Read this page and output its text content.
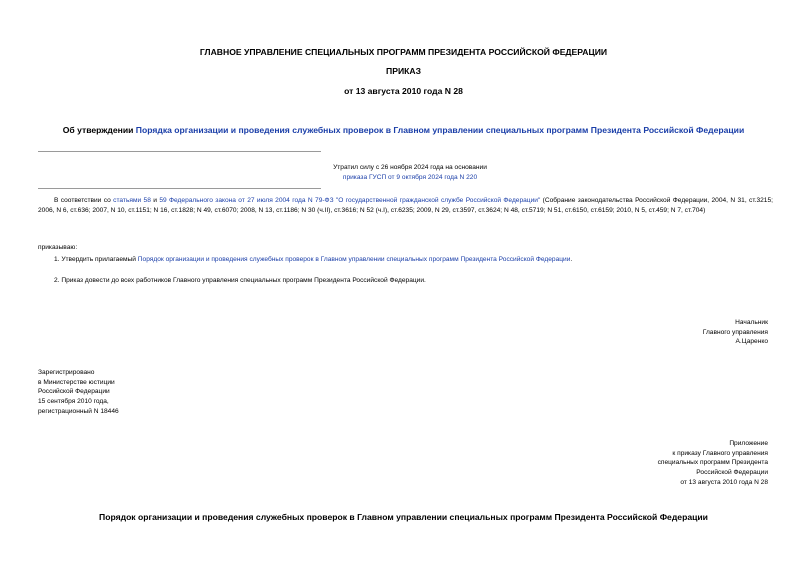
ГЛАВНОЕ УПРАВЛЕНИЕ СПЕЦИАЛЬНЫХ ПРОГРАММ ПРЕЗИДЕНТА РОССИЙСКОЙ ФЕДЕРАЦИИ
ПРИКАЗ
от 13 августа 2010 года N 28
Об утверждении Порядка организации и проведения служебных проверок в Главном управлении специальных программ Президента Российской Федерации
Утратил силу с 26 ноября 2024 года на основании
приказа ГУСП от 9 октября 2024 года N 220
В соответствии со статьями 58 и 59 Федерального закона от 27 июля 2004 года N 79-ФЗ "О государственной гражданской службе Российской Федерации" (Собрание законодательства Российской Федерации, 2004, N 31, ст.3215; 2006, N 6, ст.636; 2007, N 10, ст.1151; N 16, ст.1828; N 49, ст.6070; 2008, N 13, ст.1186; N 30 (ч.II), ст.3616; N 52 (ч.I), ст.6235; 2009, N 29, ст.3597, ст.3624; N 48, ст.5719; N 51, ст.6150, ст.6159; 2010, N 5, ст.459; N 7, ст.704)
приказываю:
1. Утвердить прилагаемый Порядок организации и проведения служебных проверок в Главном управлении специальных программ Президента Российской Федерации.
2. Приказ довести до всех работников Главного управления специальных программ Президента Российской Федерации.
Начальник
Главного управления
А.Царенко
Зарегистрировано
в Министерстве юстиции
Российской Федерации
15 сентября 2010 года,
регистрационный N 18446
Приложение
к приказу Главного управления
специальных программ Президента
Российской Федерации
от 13 августа 2010 года N 28
Порядок организации и проведения служебных проверок в Главном управлении специальных программ Президента Российской Федерации
